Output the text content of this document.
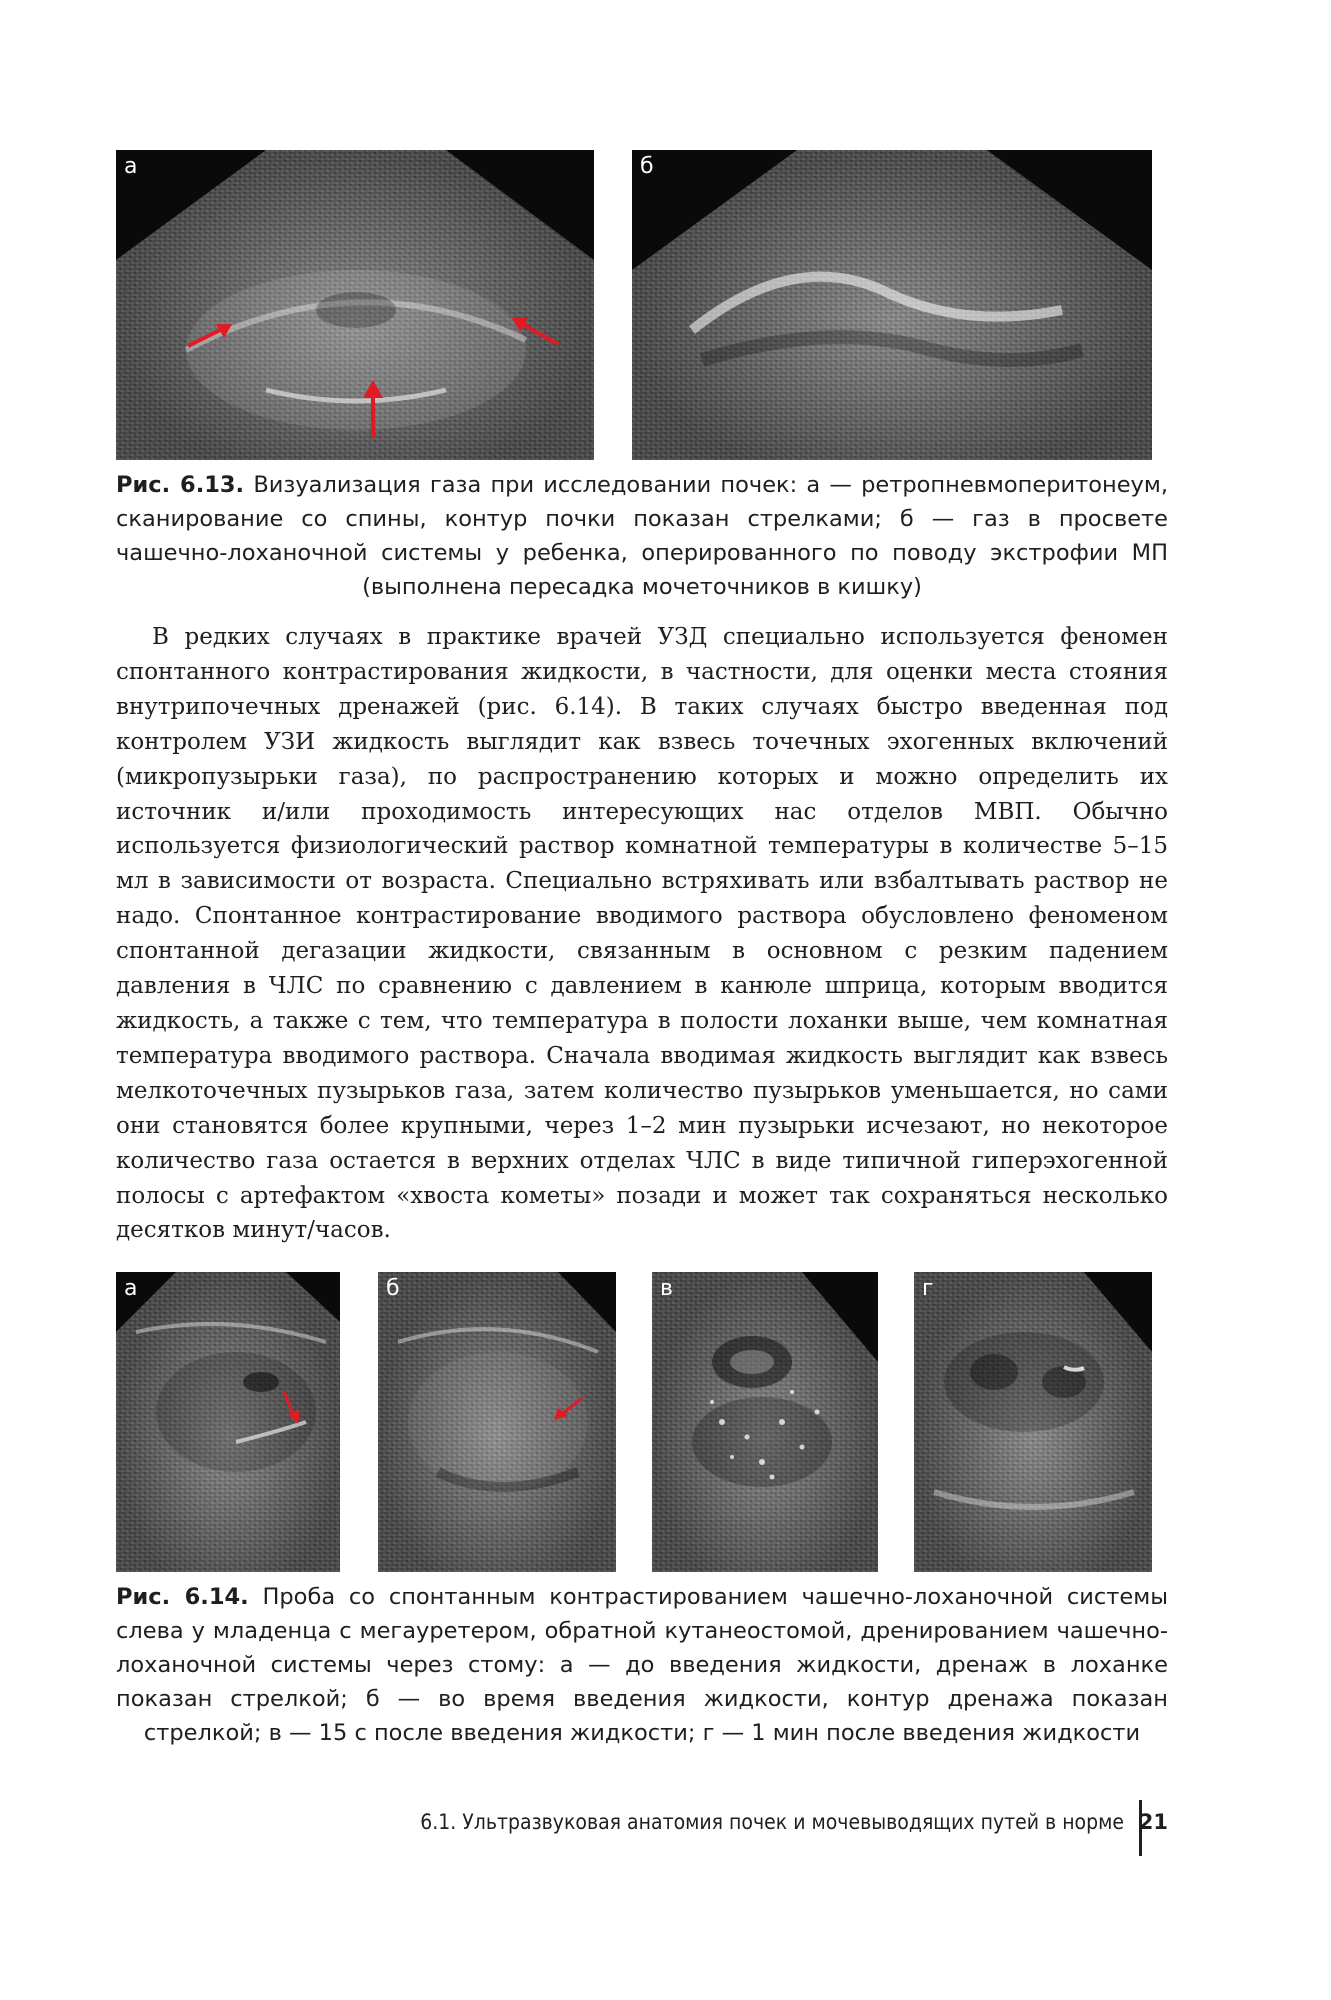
а	б
Рис. 6.13. Визуализация газа при исследовании почек: а — ретропневмоперитонеум, сканирование со спины, контур почки показан стрелками; б — газ в просвете чашечно-лоханочной системы у ребенка, оперированного по поводу экстрофии МП (выполнена пересадка мочеточников в кишку)

В редких случаях в практике врачей УЗД специально используется феномен спонтанного контрастирования жидкости, в частности, для оценки места стояния внутрипочечных дренажей (рис. 6.14). В таких случаях быстро введенная под контролем УЗИ жидкость выглядит как взвесь точечных эхогенных включений (микропузырьки газа), по распространению которых и можно определить их источник и/или проходимость интересующих нас отделов МВП. Обычно используется физиологический раствор комнатной температуры в количестве 5–15 мл в зависимости от возраста. Специально встряхивать или взбалтывать раствор не надо. Спонтанное контрастирование вводимого раствора обусловлено феноменом спонтанной дегазации жидкости, связанным в основном с резким падением давления в ЧЛС по сравнению с давлением в канюле шприца, которым вводится жидкость, а также с тем, что температура в полости лоханки выше, чем комнатная температура вводимого раствора. Сначала вводимая жидкость выглядит как взвесь мелкоточечных пузырьков газа, затем количество пузырьков уменьшается, но сами они становятся более крупными, через 1–2 мин пузырьки исчезают, но некоторое количество газа остается в верхних отделах ЧЛС в виде типичной гиперэхогенной полосы с артефактом «хвоста кометы» позади и может так сохраняться несколько десятков минут/часов.

а	б	в	г
Рис. 6.14. Проба со спонтанным контрастированием чашечно-лоханочной системы слева у младенца с мегауретером, обратной кутанеостомой, дренированием чашечно-лоханочной системы через стому: а — до введения жидкости, дренаж в лоханке показан стрелкой; б — во время введения жидкости, контур дренажа показан стрелкой; в — 15 с после введения жидкости; г — 1 мин после введения жидкости
6.1. Ультразвуковая анатомия почек и мочевыводящих путей в норме 21
